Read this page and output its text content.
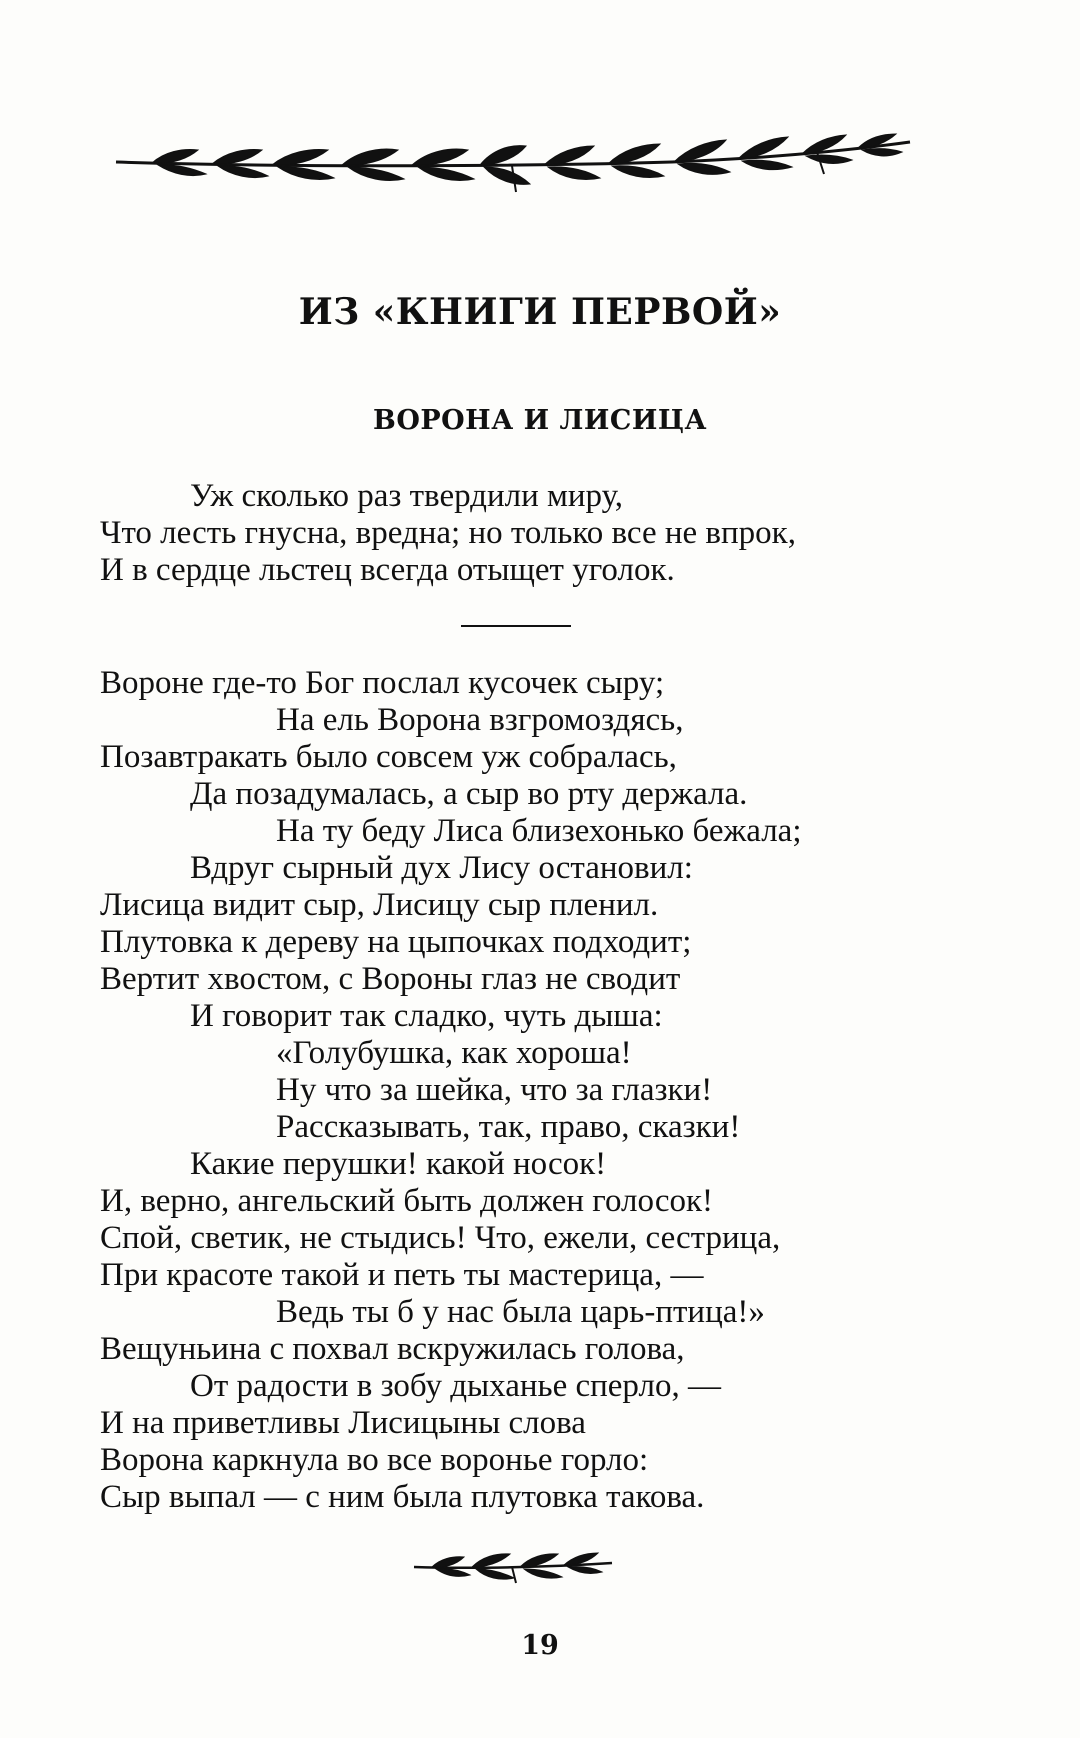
ИЗ «КНИГИ ПЕРВОЙ»
ВОРОНА И ЛИСИЦА
Уж сколько раз твердили миру,
Что лесть гнусна, вредна; но только все не впрок,
И в сердце льстец всегда отыщет уголок.
Вороне где-то Бог послал кусочек сыру;
На ель Ворона взгромоздясь,
Позавтракать было совсем уж собралась,
Да позадумалась, а сыр во рту держала.
На ту беду Лиса близехонько бежала;
Вдруг сырный дух Лису остановил:
Лисица видит сыр, Лисицу сыр пленил.
Плутовка к дереву на цыпочках подходит;
Вертит хвостом, с Вороны глаз не сводит
И говорит так сладко, чуть дыша:
«Голубушка, как хороша!
Ну что за шейка, что за глазки!
Рассказывать, так, право, сказки!
Какие перушки! какой носок!
И, верно, ангельский быть должен голосок!
Спой, светик, не стыдись! Что, ежели, сестрица,
При красоте такой и петь ты мастерица, —
Ведь ты б у нас была царь-птица!»
Вещуньина с похвал вскружилась голова,
От радости в зобу дыханье сперло, —
И на приветливы Лисицыны слова
Ворона каркнула во все воронье горло:
Сыр выпал — с ним была плутовка такова.
19
